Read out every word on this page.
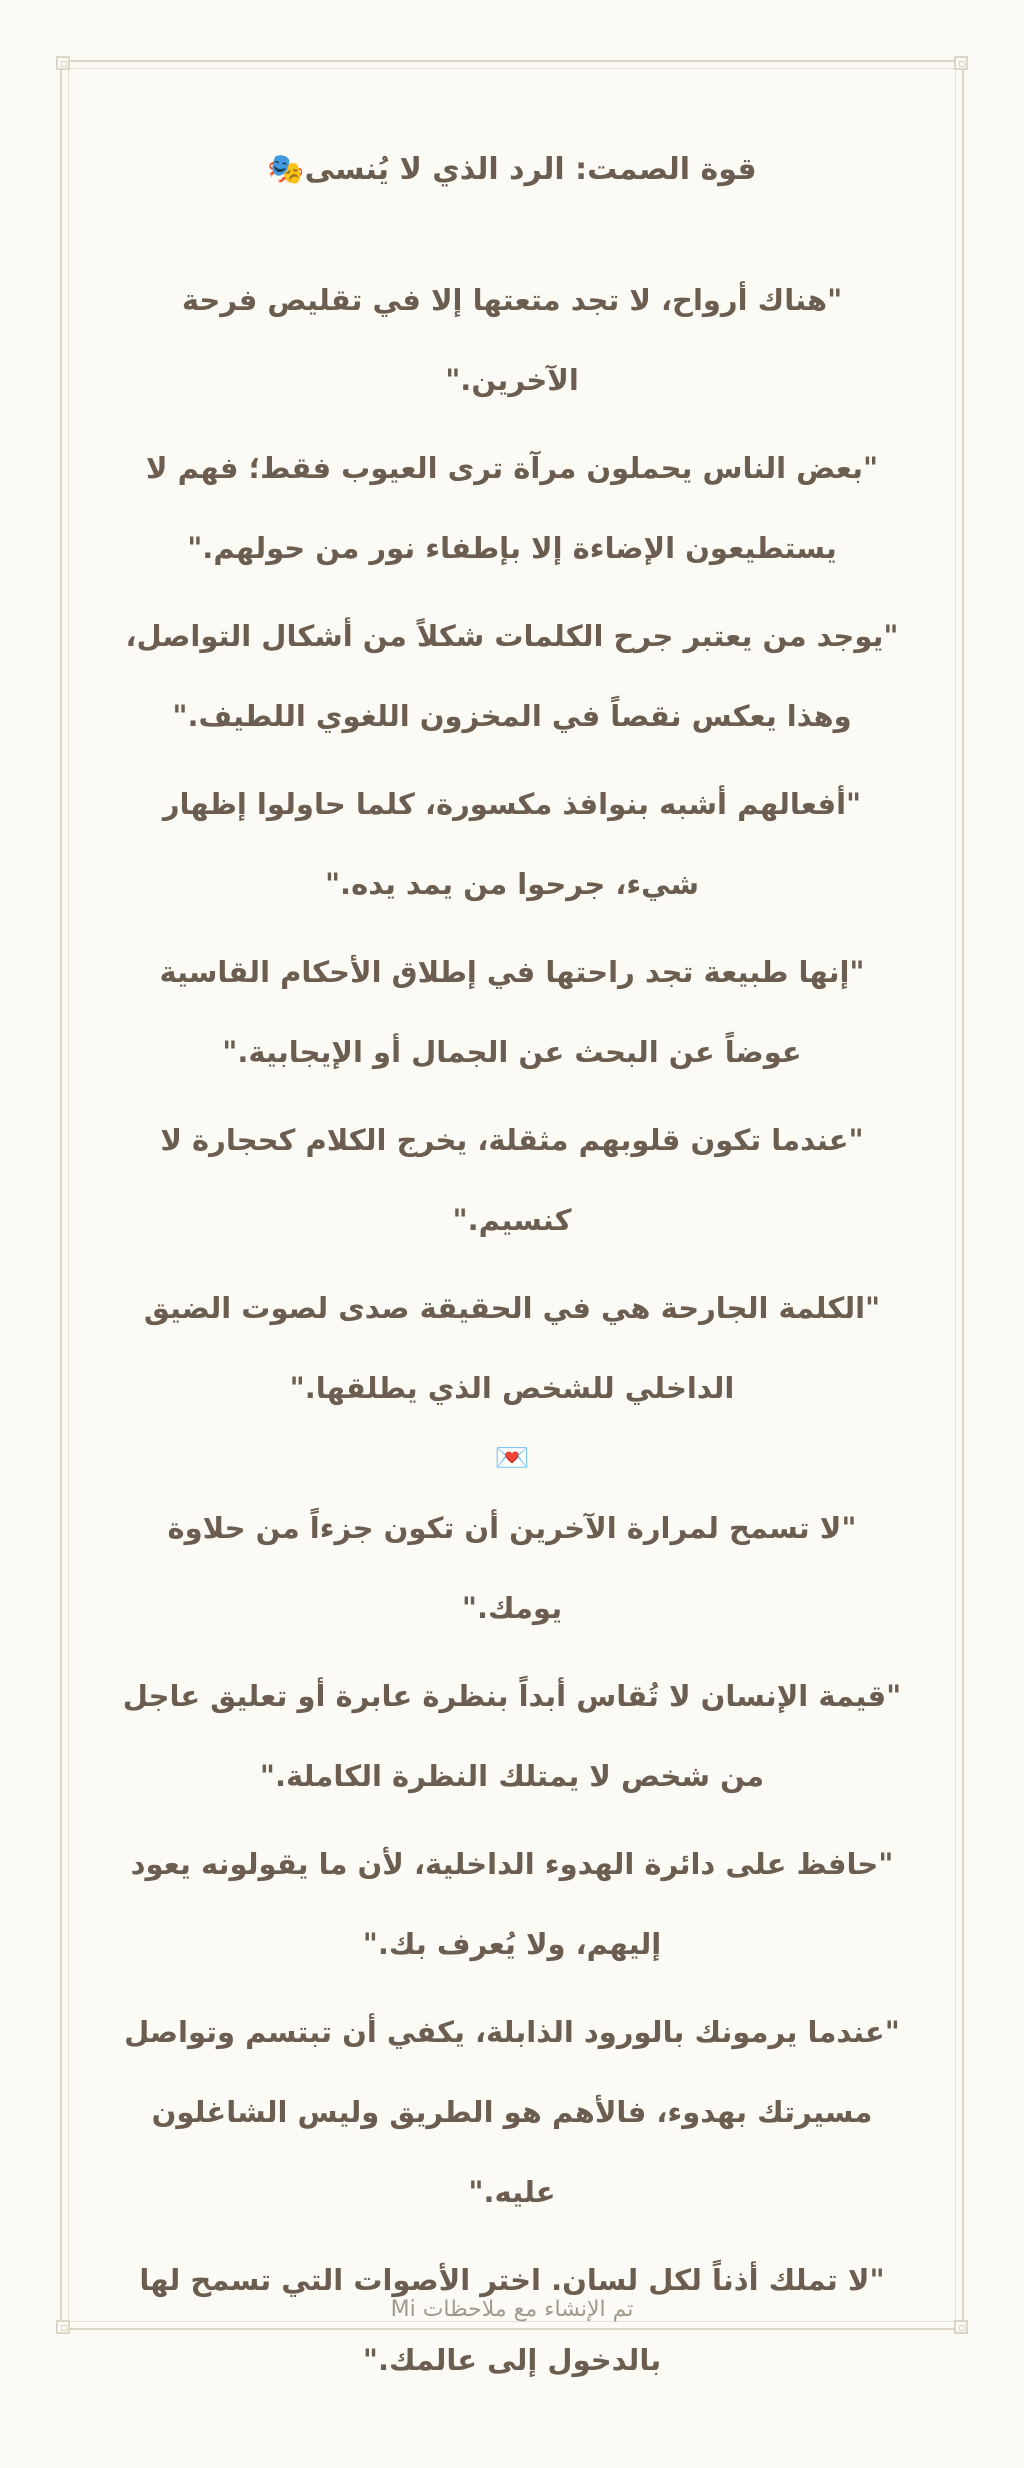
قوة الصمت: الرد الذي لا يُنسى🎭

"هناك أرواح، لا تجد متعتها إلا في تقليص فرحة الآخرين."

"بعض الناس يحملون مرآة ترى العيوب فقط؛ فهم لا يستطيعون الإضاءة إلا بإطفاء نور من حولهم."

"يوجد من يعتبر جرح الكلمات شكلاً من أشكال التواصل، وهذا يعكس نقصاً في المخزون اللغوي اللطيف."

"أفعالهم أشبه بنوافذ مكسورة، كلما حاولوا إظهار شيء، جرحوا من يمد يده."

"إنها طبيعة تجد راحتها في إطلاق الأحكام القاسية عوضاً عن البحث عن الجمال أو الإيجابية."

"عندما تكون قلوبهم مثقلة، يخرج الكلام كحجارة لا كنسيم."

"الكلمة الجارحة هي في الحقيقة صدى لصوت الضيق الداخلي للشخص الذي يطلقها."

💌

"لا تسمح لمرارة الآخرين أن تكون جزءاً من حلاوة يومك."

"قيمة الإنسان لا تُقاس أبداً بنظرة عابرة أو تعليق عاجل من شخص لا يمتلك النظرة الكاملة."

"حافظ على دائرة الهدوء الداخلية، لأن ما يقولونه يعود إليهم، ولا يُعرف بك."

"عندما يرمونك بالورود الذابلة، يكفي أن تبتسم وتواصل مسيرتك بهدوء، فالأهم هو الطريق وليس الشاغلون عليه."

"لا تملك أذناً لكل لسان. اختر الأصوات التي تسمح لها بالدخول إلى عالمك."

تم الإنشاء مع ملاحظات Mi
